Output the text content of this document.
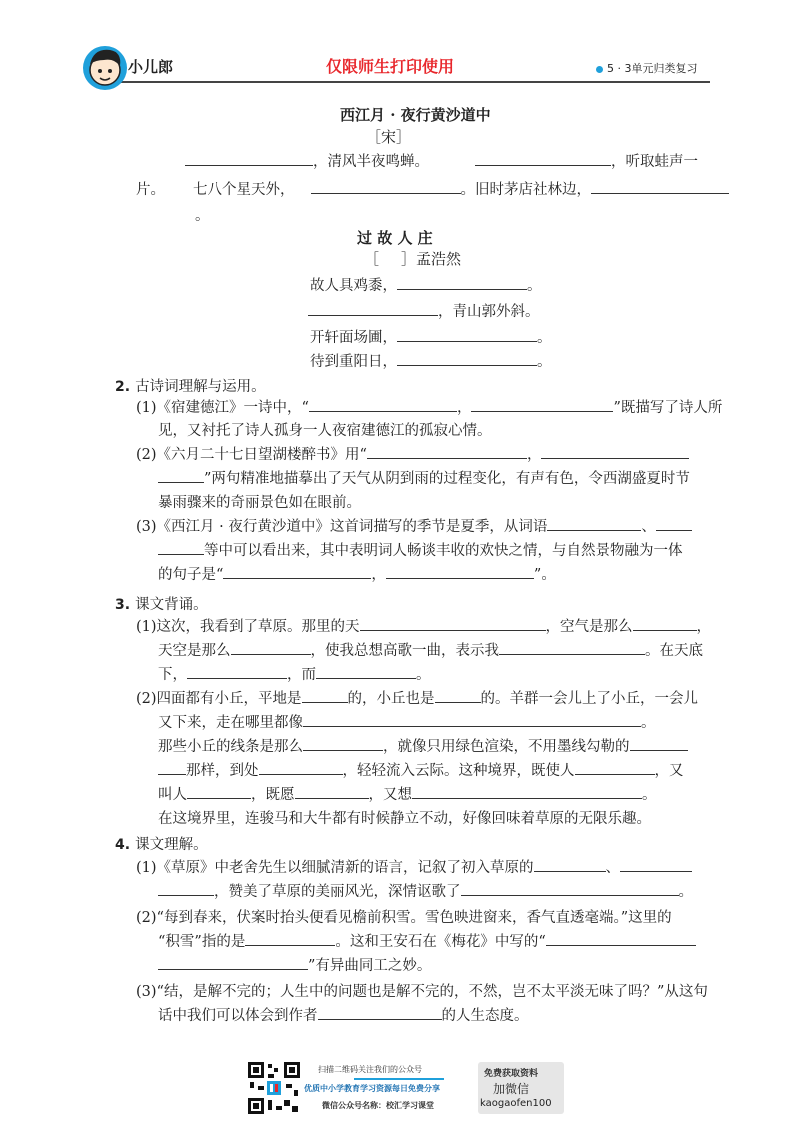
小儿郎	仅限师生打印使用	5 · 3单元归类复习
西江月 · 夜行黄沙道中
［宋］
，清风半夜鸣蝉。	，听取蛙声一
片。 七八个星天外，	。旧时茅店社林边，
。
过 故 人 庄
［ ］孟浩然
故人具鸡黍，	。
，青山郭外斜。
开轩面场圃，	。
待到重阳日，	。
2. 古诗词理解与运用。
(1)《宿建德江》一诗中，“	，	”既描写了诗人所
见，又衬托了诗人孤身一人夜宿建德江的孤寂心情。
(2)《六月二十七日望湖楼醉书》用“	，
”两句精准地描摹出了天气从阴到雨的过程变化，有声有色，令西湖盛夏时节
暴雨骤来的奇丽景色如在眼前。
(3)《西江月 · 夜行黄沙道中》这首词描写的季节是夏季，从词语	、
等中可以看出来，其中表明词人畅谈丰收的欢快之情，与自然景物融为一体
的句子是“	，	”。
3. 课文背诵。
(1)这次，我看到了草原。那里的天	，空气是那么	，
天空是那么	，使我总想高歌一曲，表示我	。在天底
下，	，而	。
(2)四面都有小丘，平地是	的，小丘也是	的。羊群一会儿上了小丘，一会儿
又下来，走在哪里都像	。
那些小丘的线条是那么	，就像只用绿色渲染，不用墨线勾勒的
那样，到处	，轻轻流入云际。这种境界，既使人	，又
叫人	，既愿	，又想	。
在这境界里，连骏马和大牛都有时候静立不动，好像回味着草原的无限乐趣。
4. 课文理解。
(1)《草原》中老舍先生以细腻清新的语言，记叙了初入草原的	、
，赞美了草原的美丽风光，深情讴歌了	。
(2)“每到春来，伏案时抬头便看见檐前积雪。雪色映进窗来，香气直透毫端。”这里的
“积雪”指的是	。这和王安石在《梅花》中写的“
”有异曲同工之妙。
(3)“结，是解不完的；人生中的问题也是解不完的，不然，岂不太平淡无味了吗？”从这句
话中我们可以体会到作者	的人生态度。
扫描二维码关注我们的公众号
优质中小学教育学习资源每日免费分享
微信公众号名称：校汇学习课堂
免费获取资料
加微信
kaogaofen100
